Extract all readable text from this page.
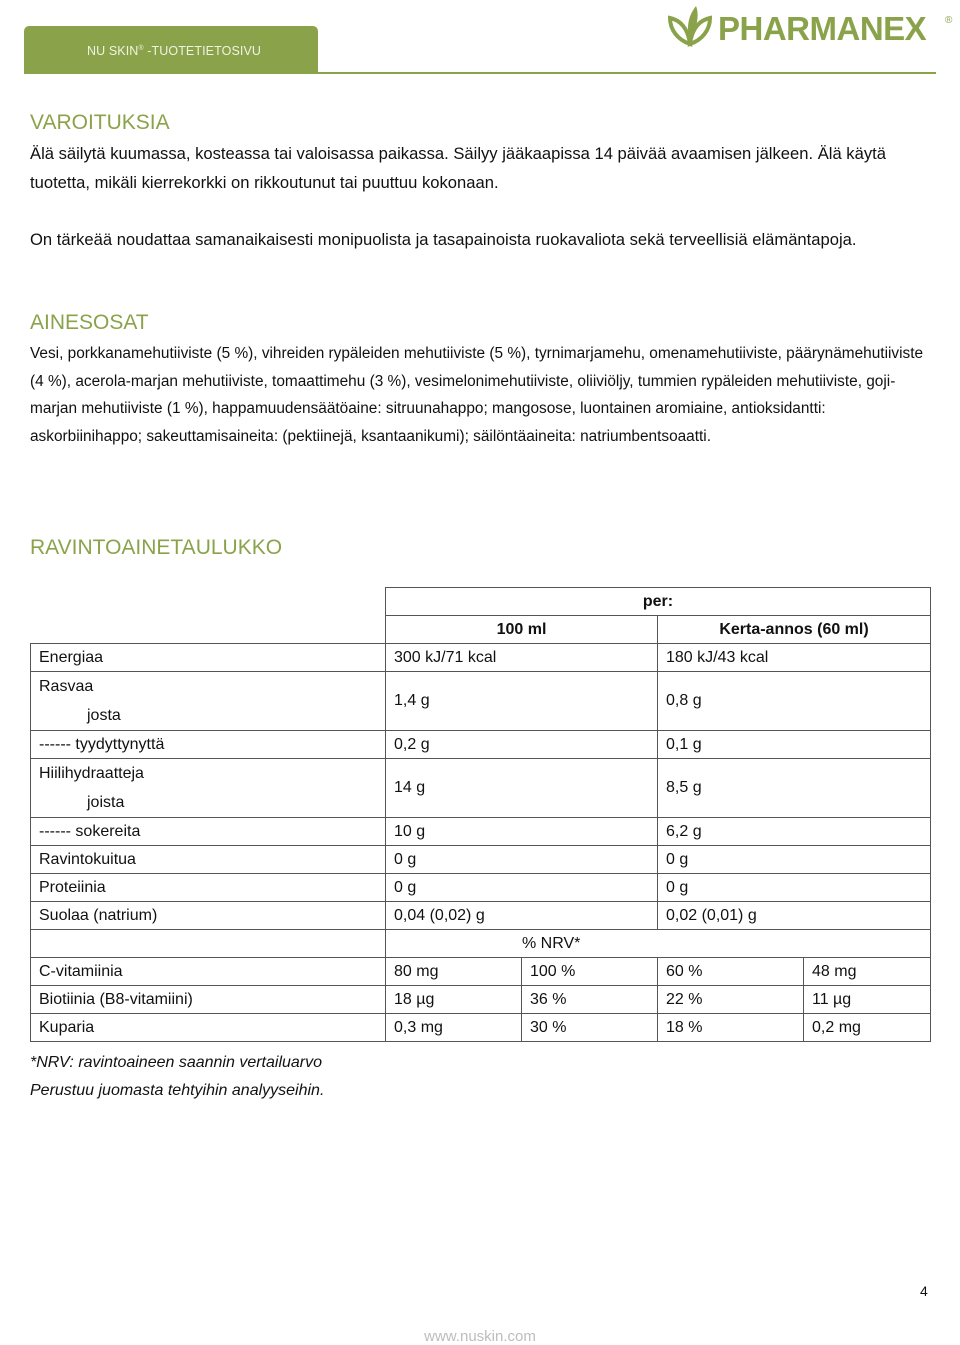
NU SKIN® -TUOTETIETOSIVU
PHARMANEX ®
VAROITUKSIA

Älä säilytä kuumassa, kosteassa tai valoisassa paikassa. Säilyy jääkaapissa 14 päivää avaamisen jälkeen. Älä käytä tuotetta, mikäli kierrekorkki on rikkoutunut tai puuttuu kokonaan.

On tärkeää noudattaa samanaikaisesti monipuolista ja tasapainoista ruokavaliota sekä terveellisiä elämäntapoja.

AINESOSAT

Vesi, porkkanamehutiiviste (5 %), vihreiden rypäleiden mehutiiviste (5 %), tyrnimarjamehu, omenamehutiiviste, päärynämehutiiviste (4 %), acerola-marjan mehutiiviste, tomaattimehu (3 %), vesimelonimehutiiviste, oliiviöljy, tummien rypäleiden mehutiiviste, goji-marjan mehutiiviste (1 %), happamuudensäätöaine: sitruunahappo; mangosose, luontainen aromiaine, antioksidantti: askorbiinihappo; sakeuttamisaineita: (pektiinejä, ksantaanikumi); säilöntäaineita: natriumbentsoaatti.

RAVINTOAINETAULUKKO
	per:			
	100 ml		Kerta-annos (60 ml)	
Energiaa	300 kJ/71 kcal		180 kJ/43 kcal	

Rasvaa
josta	1,4 g		0,8 g	
------ tyydyttynyttä	0,2 g		0,1 g	

Hiilihydraatteja
joista	14 g		8,5 g	
------ sokereita	10 g		6,2 g	
Ravintokuitua	0 g		0 g	
Proteiinia	0 g		0 g	
Suolaa (natrium)	0,04 (0,02) g		0,02 (0,01) g	
	% NRV*			
C-vitamiinia	80 mg	100 %	60 %	48 mg
Biotiinia (B8-vitamiini)	18 µg	36 %	22 %	11 µg
Kuparia	0,3 mg	30 %	18 %	0,2 mg
*NRV: ravintoaineen saannin vertailuarvo
Perustuu juomasta tehtyihin analyyseihin.
4
www.nuskin.com
